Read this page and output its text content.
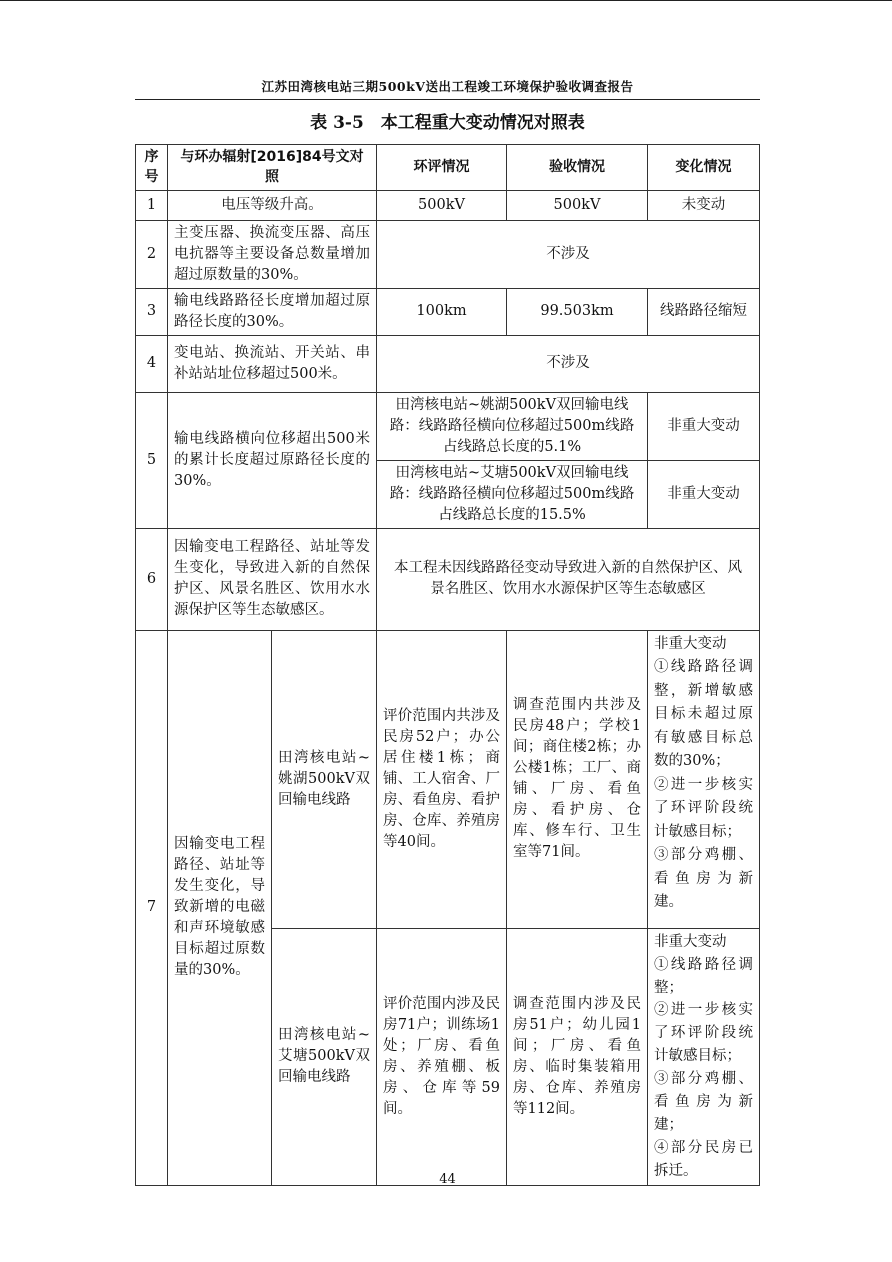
江苏田湾核电站三期500kV送出工程竣工环境保护验收调查报告
表 3-5　本工程重大变动情况对照表
序号	与环办辐射[2016]84号文对照		环评情况	验收情况	变化情况
1	电压等级升高。		500kV	500kV	未变动
2	主变压器、换流变压器、高压电抗器等主要设备总数量增加超过原数量的30%。		不涉及		
3	输电线路路径长度增加超过原路径长度的30%。		100km	99.503km	线路路径缩短
4	变电站、换流站、开关站、串补站站址位移超过500米。		不涉及		
5	输电线路横向位移超出500米的累计长度超过原路径长度的30%。		田湾核电站~姚湖500kV双回输电线路：线路路径横向位移超过500m线路占线路总长度的5.1%		非重大变动
			田湾核电站~艾塘500kV双回输电线路：线路路径横向位移超过500m线路占线路总长度的15.5%		非重大变动
6	因输变电工程路径、站址等发生变化，导致进入新的自然保护区、风景名胜区、饮用水水源保护区等生态敏感区。		本工程未因线路路径变动导致进入新的自然保护区、风景名胜区、饮用水水源保护区等生态敏感区		
7	因输变电工程路径、站址等发生变化，导致新增的电磁和声环境敏感目标超过原数量的30%。	田湾核电站~姚湖500kV双回输电线路	评价范围内共涉及民房52户；办公居住楼1栋；商铺、工人宿舍、厂房、看鱼房、看护房、仓库、养殖房等40间。	调查范围内共涉及民房48户；学校1间；商住楼2栋；办公楼1栋；工厂、商铺、厂房、看鱼房、看护房、仓库、修车行、卫生室等71间。	非重大变动
①线路路径调整，新增敏感目标未超过原有敏感目标总数的30%；
②进一步核实了环评阶段统计敏感目标；
③部分鸡棚、看鱼房为新建。

		田湾核电站~艾塘500kV双回输电线路	评价范围内涉及民房71户；训练场1处；厂房、看鱼房、养殖棚、板房、仓库等59间。	调查范围内涉及民房51户；幼儿园1间；厂房、看鱼房、临时集装箱用房、仓库、养殖房等112间。	非重大变动
①线路路径调整；
②进一步核实了环评阶段统计敏感目标；
③部分鸡棚、看鱼房为新建；
④部分民房已拆迁。
44
